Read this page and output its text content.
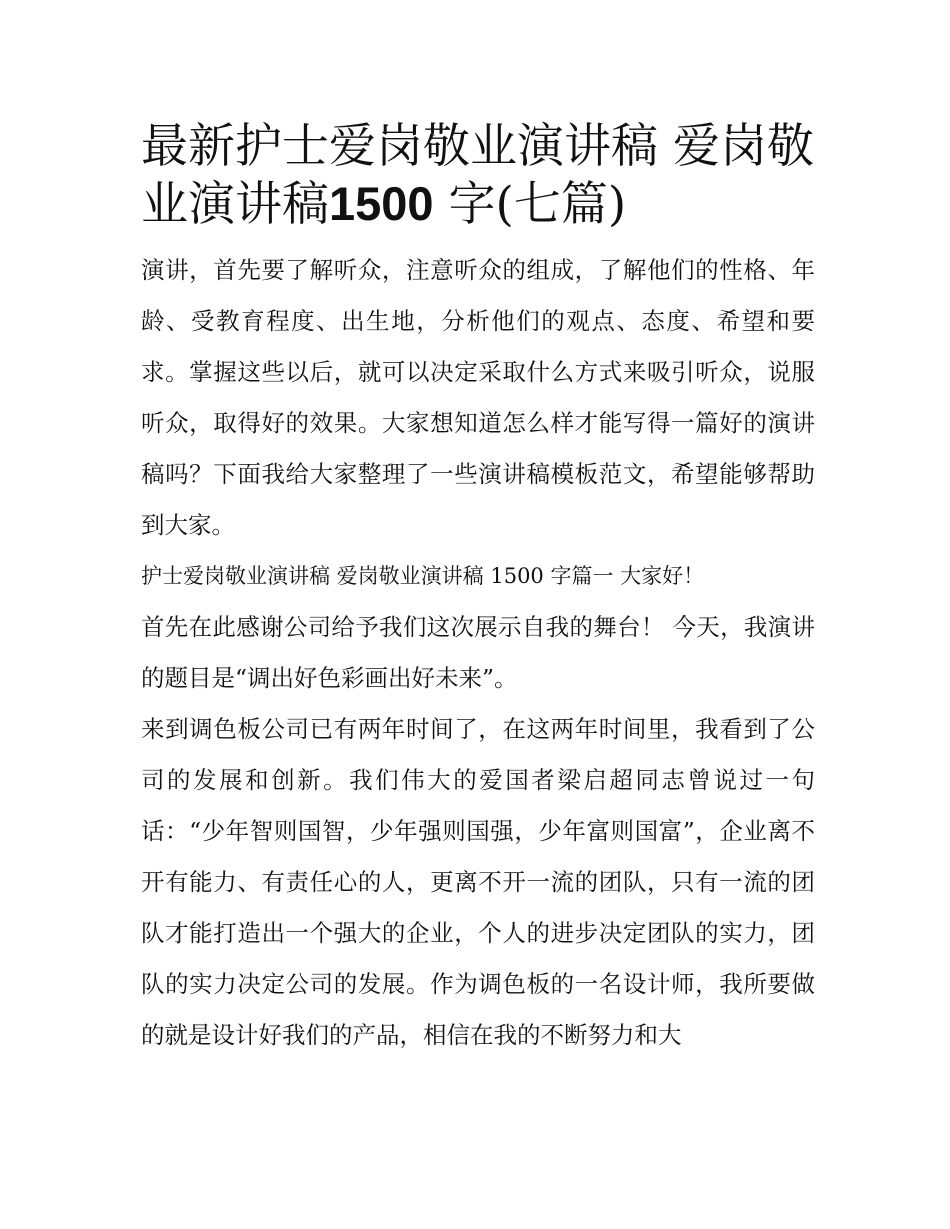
最新护士爱岗敬业演讲稿 爱岗敬业演讲稿1500 字(七篇)

演讲，首先要了解听众，注意听众的组成，了解他们的性格、年龄、受教育程度、出生地，分析他们的观点、态度、希望和要求。掌握这些以后，就可以决定采取什么方式来吸引听众，说服听众，取得好的效果。大家想知道怎么样才能写得一篇好的演讲稿吗？下面我给大家整理了一些演讲稿模板范文，希望能够帮助到大家。

护士爱岗敬业演讲稿 爱岗敬业演讲稿 1500 字篇一 大家好！

首先在此感谢公司给予我们这次展示自我的舞台！ 今天，我演讲的题目是“调出好色彩画出好未来”。

来到调色板公司已有两年时间了，在这两年时间里，我看到了公司的发展和创新。我们伟大的爱国者梁启超同志曾说过一句话：“少年智则国智，少年强则国强，少年富则国富”，企业离不开有能力、有责任心的人，更离不开一流的团队，只有一流的团队才能打造出一个强大的企业，个人的进步决定团队的实力，团队的实力决定公司的发展。作为调色板的一名设计师，我所要做的就是设计好我们的产品，相信在我的不断努力和大
